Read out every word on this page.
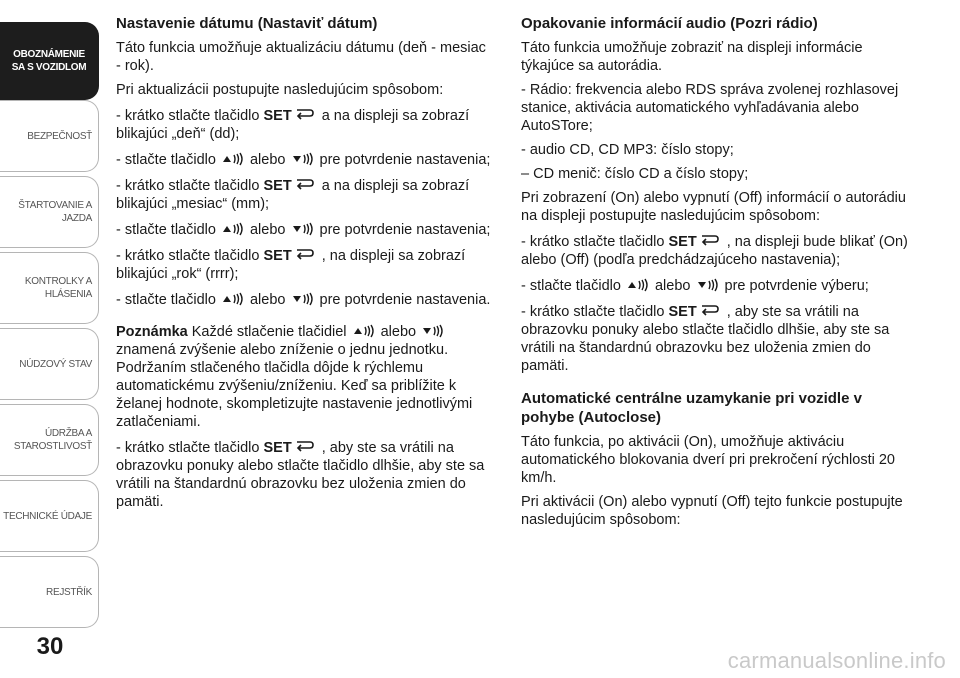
OBOZNÁMENIE
SA S VOZIDLOM
BEZPEČNOSŤ
ŠTARTOVANIE A
JAZDA
KONTROLKY A
HLÁSENIA
NÚDZOVÝ STAV
ÚDRŽBA A
STAROSTLIVOSŤ
TECHNICKÉ ÚDAJE
REJSTŘÍK
30
Nastavenie dátumu (Nastaviť dátum)

Táto funkcia umožňuje aktualizáciu dátumu (deň - mesiac - rok).

Pri aktualizácii postupujte nasledujúcim spôsobom:

- krátko stlačte tlačidlo SET a na displeji sa zobrazí blikajúci „deň“ (dd);

- stlačte tlačidlo  alebo  pre potvrdenie nastavenia;

- krátko stlačte tlačidlo SET a na displeji sa zobrazí blikajúci „mesiac“ (mm);

- stlačte tlačidlo  alebo  pre potvrdenie nastavenia;

- krátko stlačte tlačidlo SET , na displeji sa zobrazí blikajúci „rok“ (rrrr);

- stlačte tlačidlo  alebo  pre potvrdenie nastavenia.

Poznámka Každé stlačenie tlačidiel  alebo  znamená zvýšenie alebo zníženie o jednu jednotku. Podržaním stlačeného tlačidla dôjde k rýchlemu automatickému zvýšeniu/zníženiu. Keď sa priblížite k želanej hodnote, skompletizujte nastavenie jednotlivými zatlačeniami.

- krátko stlačte tlačidlo SET , aby ste sa vrátili na obrazovku ponuky alebo stlačte tlačidlo dlhšie, aby ste sa vrátili na štandardnú obrazovku bez uloženia zmien do pamäti.

Opakovanie informácií audio (Pozri rádio)

Táto funkcia umožňuje zobraziť na displeji informácie týkajúce sa autorádia.

- Rádio: frekvencia alebo RDS správa zvolenej rozhlasovej stanice, aktivácia automatického vyhľadávania alebo AutoSTore;

- audio CD, CD MP3: číslo stopy;

– CD menič: číslo CD a číslo stopy;

Pri zobrazení (On) alebo vypnutí (Off) informácií o autorádiu na displeji postupujte nasledujúcim spôsobom:

- krátko stlačte tlačidlo SET , na displeji bude blikať (On) alebo (Off) (podľa predchádzajúceho nastavenia);

- stlačte tlačidlo  alebo  pre potvrdenie výberu;

- krátko stlačte tlačidlo SET , aby ste sa vrátili na obrazovku ponuky alebo stlačte tlačidlo dlhšie, aby ste sa vrátili na štandardnú obrazovku bez uloženia zmien do pamäti.

Automatické centrálne uzamykanie pri vozidle v pohybe (Autoclose)

Táto funkcia, po aktivácii (On), umožňuje aktiváciu automatického blokovania dverí pri prekročení rýchlosti 20 km/h.

Pri aktivácii (On) alebo vypnutí (Off) tejto funkcie postupujte nasledujúcim spôsobom:

carmanualsonline.info
